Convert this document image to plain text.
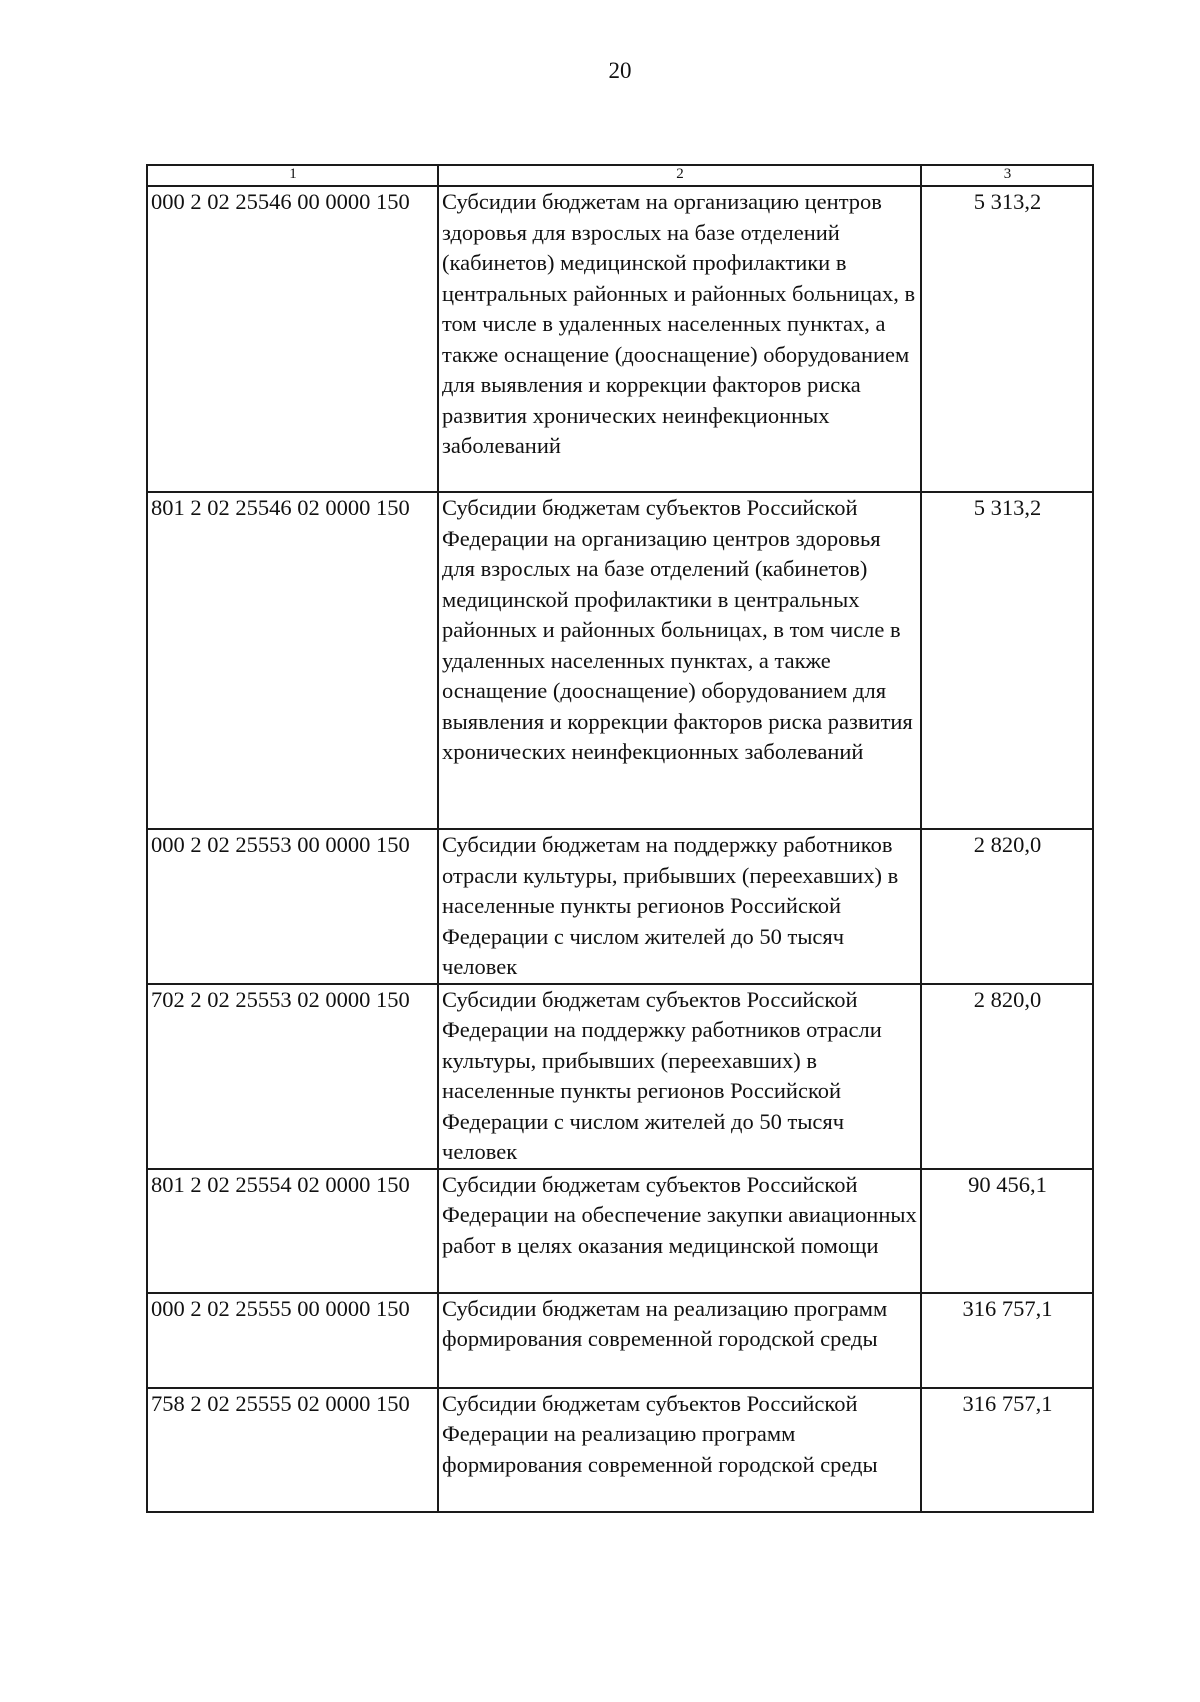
20
1	2	3
000 2 02 25546 00 0000 150	Субсидии бюджетам на организацию центров здоровья для взрослых на базе отделений (кабинетов) медицинской профилактики в центральных районных и районных больницах, в том числе в удаленных населенных пунктах, а также оснащение (дооснащение) оборудованием для выявления и коррекции факторов риска развития хронических неинфекционных заболеваний	5 313,2
801 2 02 25546 02 0000 150	Субсидии бюджетам субъектов Российской Федерации на организацию центров здоровья для взрослых на базе отделений (кабинетов) медицинской профилактики в центральных районных и районных больницах, в том числе в удаленных населенных пунктах, а также оснащение (дооснащение) оборудованием для выявления и коррекции факторов риска развития хронических неинфекционных заболеваний	5 313,2
000 2 02 25553 00 0000 150	Субсидии бюджетам на поддержку работников отрасли культуры, прибывших (переехавших) в населенные пункты регионов Российской Федерации с числом жителей до 50 тысяч человек	2 820,0
702 2 02 25553 02 0000 150	Субсидии бюджетам субъектов Российской Федерации на поддержку работников отрасли культуры, прибывших (переехавших) в населенные пункты регионов Российской Федерации с числом жителей до 50 тысяч человек	2 820,0
801 2 02 25554 02 0000 150	Субсидии бюджетам субъектов Российской Федерации на обеспечение закупки авиационных работ в целях оказания медицинской помощи	90 456,1
000 2 02 25555 00 0000 150	Субсидии бюджетам на реализацию программ формирования современной городской среды	316 757,1
758 2 02 25555 02 0000 150	Субсидии бюджетам субъектов Российской Федерации на реализацию программ формирования современной городской среды	316 757,1
